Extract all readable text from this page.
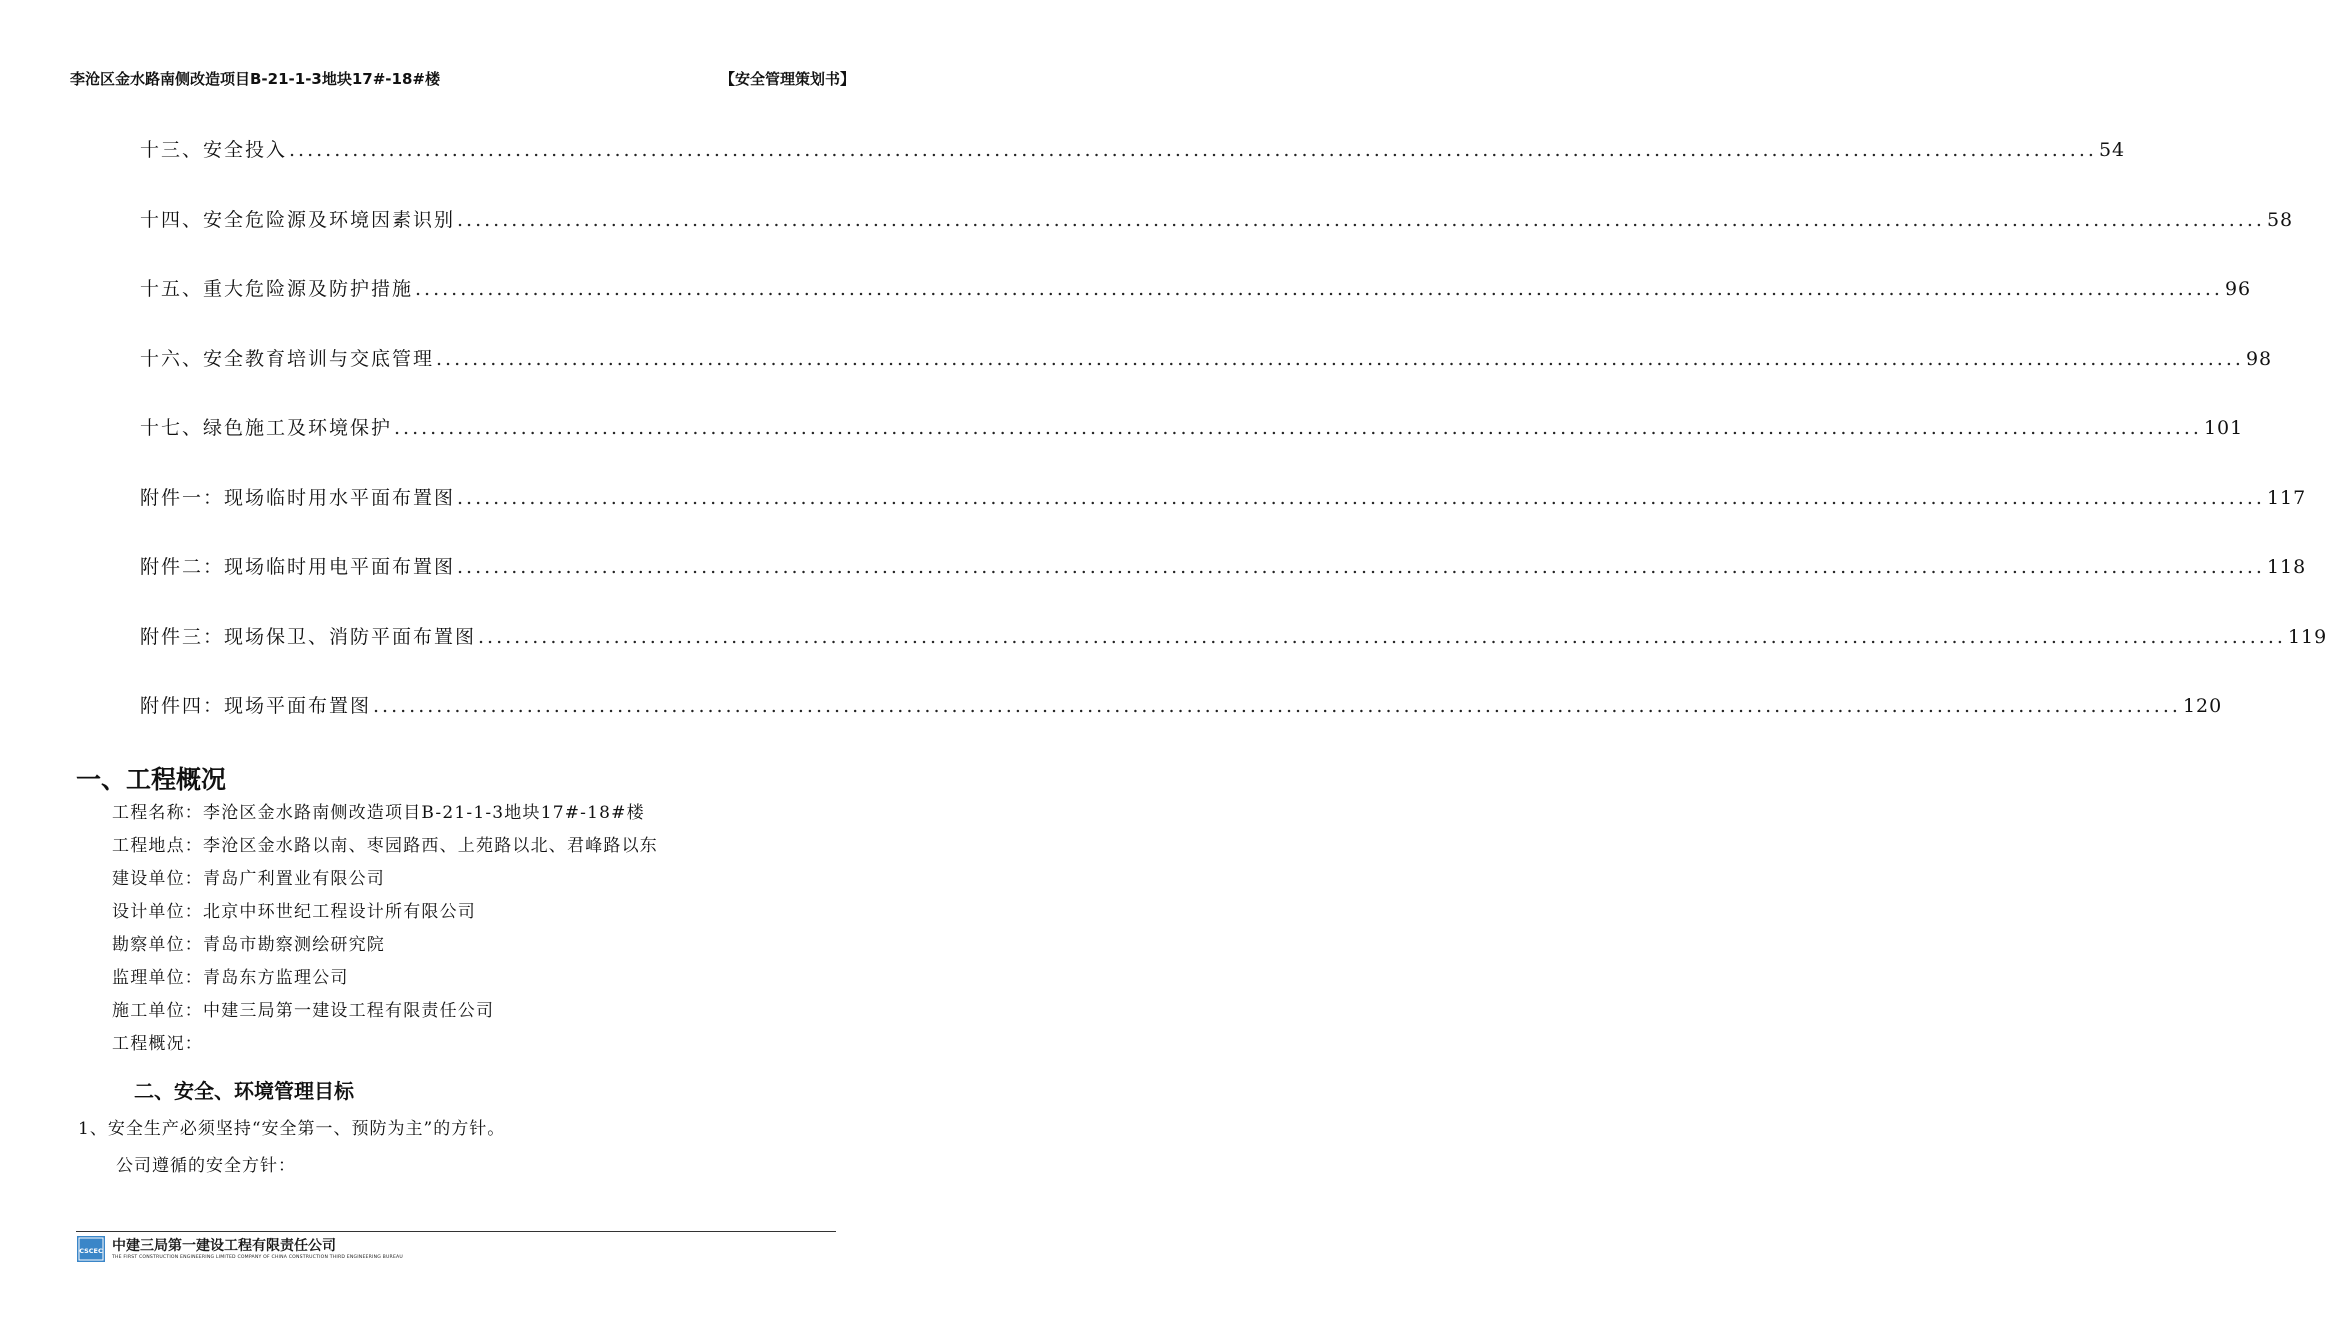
李沧区金水路南侧改造项目B-21-1-3地块17#-18#楼	【安全管理策划书】
十三、安全投入 ........................................................................................................................................................................................................ 54
十四、安全危险源及环境因素识别 ........................................................................................................................................................................................................ 58
十五、重大危险源及防护措施 ........................................................................................................................................................................................................ 96
十六、安全教育培训与交底管理 ........................................................................................................................................................................................................ 98
十七、绿色施工及环境保护 ........................................................................................................................................................................................................ 101
附件一：现场临时用水平面布置图 ........................................................................................................................................................................................................ 117
附件二：现场临时用电平面布置图 ........................................................................................................................................................................................................ 118
附件三：现场保卫、消防平面布置图 ........................................................................................................................................................................................................ 119
附件四：现场平面布置图 ........................................................................................................................................................................................................ 120
一、工程概况
工程名称：李沧区金水路南侧改造项目B-21-1-3地块17#-18#楼
工程地点：李沧区金水路以南、枣园路西、上苑路以北、君峰路以东
建设单位：青岛广利置业有限公司
设计单位：北京中环世纪工程设计所有限公司
勘察单位：青岛市勘察测绘研究院
监理单位：青岛东方监理公司
施工单位：中建三局第一建设工程有限责任公司
工程概况：
二、安全、环境管理目标
1、安全生产必须坚持“安全第一、预防为主”的方针。
公司遵循的安全方针：
CSCEC 中建三局第一建设工程有限责任公司
THE FIRST CONSTRUCTION ENGINEERING LIMITED COMPANY OF CHINA CONSTRUCTION THIRD ENGINEERING BUREAU
